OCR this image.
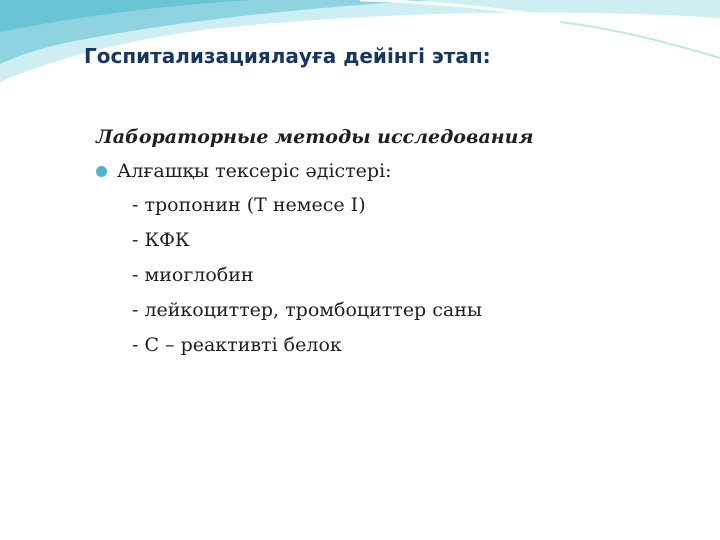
Госпитализациялауға дейінгі этап:
Лабораторные методы исследования
Алғашқы тексеріс әдістері:
- тропонин (Т немесе I)
- КФК
- миоглобин
- лейкоциттер, тромбоциттер саны
- С – реактивті белок
